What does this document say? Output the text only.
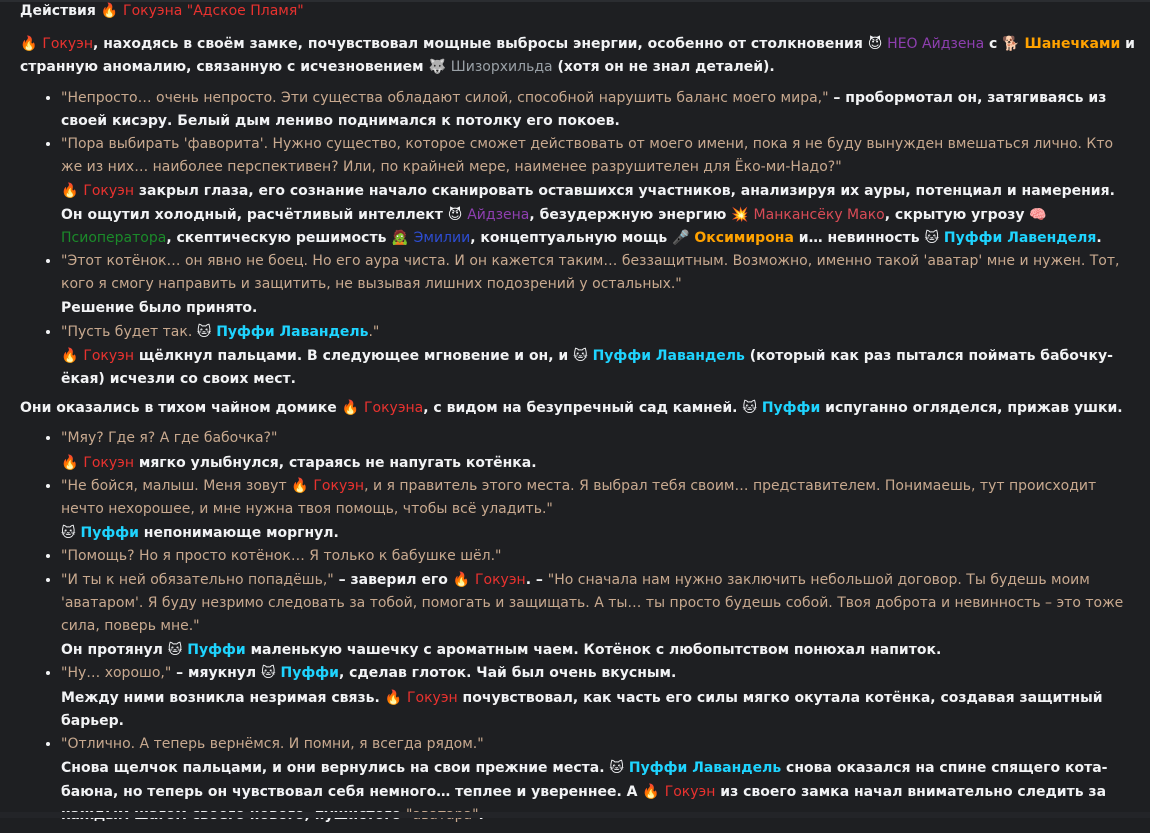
Действия 🔥 Гокуэна "Адское Пламя"

🔥 Гокуэн, находясь в своём замке, почувствовал мощные выбросы энергии, особенно от столкновения 😈 НЕО Айдзена с 🐕 Шанечками и странную аномалию, связанную с исчезновением 🐺 Шизорхильда (хотя он не знал деталей).

• "Непросто… очень непросто. Эти существа обладают силой, способной нарушить баланс моего мира," – пробормотал он, затягиваясь из своей кисэру. Белый дым лениво поднимался к потолку его покоев.
• "Пора выбирать 'фаворита'. Нужно существо, которое сможет действовать от моего имени, пока я не буду вынужден вмешаться лично. Кто же из них… наиболее перспективен? Или, по крайней мере, наименее разрушителен для Ёко-ми-Надо?"
🔥 Гокуэн закрыл глаза, его сознание начало сканировать оставшихся участников, анализируя их ауры, потенциал и намерения. Он ощутил холодный, расчётливый интеллект 😈 Айдзена, безудержную энергию 💥 Манкансёку Мако, скрытую угрозу 🧠 Псиоператора, скептическую решимость 🧟 Эмилии, концептуальную мощь 🎤 Оксимирона и… невинность 🐱 Пуффи Лавенделя.
• "Этот котёнок… он явно не боец. Но его аура чиста. И он кажется таким… беззащитным. Возможно, именно такой 'аватар' мне и нужен. Тот, кого я смогу направить и защитить, не вызывая лишних подозрений у остальных."
Решение было принято.
• "Пусть будет так. 🐱 Пуффи Лавандель."
🔥 Гокуэн щёлкнул пальцами. В следующее мгновение и он, и 🐱 Пуффи Лавандель (который как раз пытался поймать бабочку-ёкая) исчезли со своих мест.

Они оказались в тихом чайном домике 🔥 Гокуэна, с видом на безупречный сад камней. 🐱 Пуффи испуганно огляделся, прижав ушки.

• "Мяу? Где я? А где бабочка?"
🔥 Гокуэн мягко улыбнулся, стараясь не напугать котёнка.
• "Не бойся, малыш. Меня зовут 🔥 Гокуэн, и я правитель этого места. Я выбрал тебя своим… представителем. Понимаешь, тут происходит нечто нехорошее, и мне нужна твоя помощь, чтобы всё уладить."
🐱 Пуффи непонимающе моргнул.
• "Помощь? Но я просто котёнок… Я только к бабушке шёл."
• "И ты к ней обязательно попадёшь," – заверил его 🔥 Гокуэн. – "Но сначала нам нужно заключить небольшой договор. Ты будешь моим 'аватаром'. Я буду незримо следовать за тобой, помогать и защищать. А ты… ты просто будешь собой. Твоя доброта и невинность – это тоже сила, поверь мне."
Он протянул 🐱 Пуффи маленькую чашечку с ароматным чаем. Котёнок с любопытством понюхал напиток.
• "Ну… хорошо," – мяукнул 🐱 Пуффи, сделав глоток. Чай был очень вкусным.
Между ними возникла незримая связь. 🔥 Гокуэн почувствовал, как часть его силы мягко окутала котёнка, создавая защитный барьер.
• "Отлично. А теперь вернёмся. И помни, я всегда рядом."
Снова щелчок пальцами, и они вернулись на свои прежние места. 🐱 Пуффи Лавандель снова оказался на спине спящего кота-баюна, но теперь он чувствовал себя немного… теплее и увереннее. А 🔥 Гокуэн из своего замка начал внимательно следить за
